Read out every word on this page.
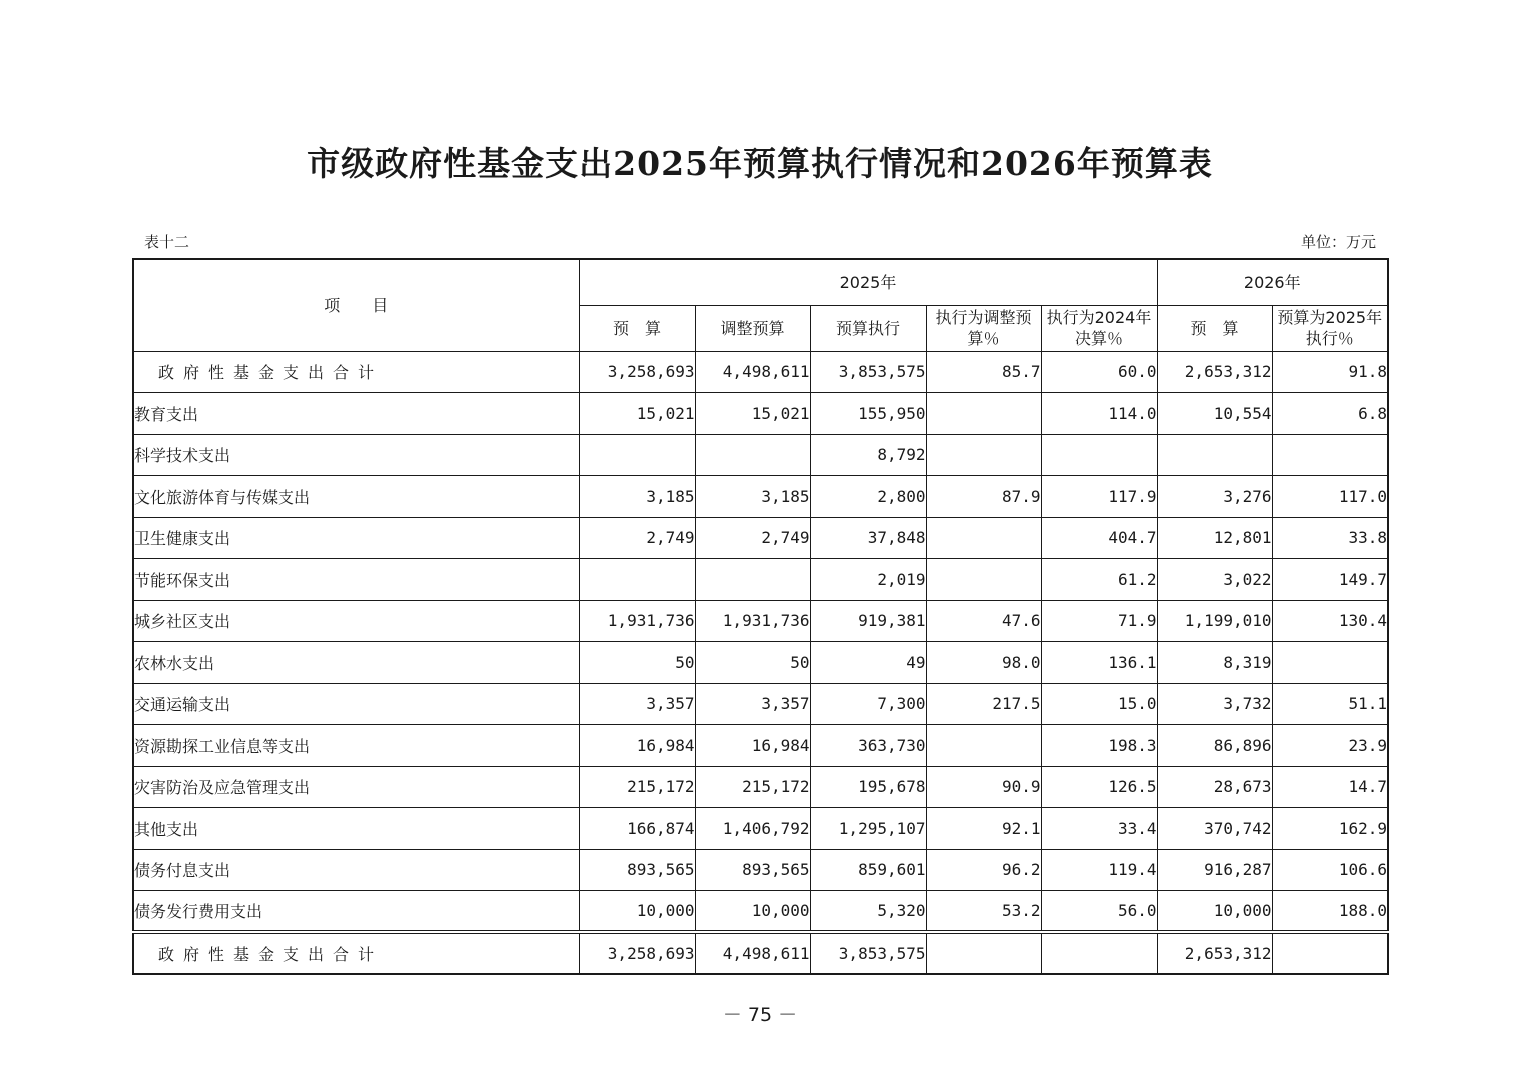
市级政府性基金支出2025年预算执行情况和2026年预算表
表十二	单位：万元
项　　目	2025年					2026年	
	预　算	调整预算	预算执行	执行为调整预算％	执行为2024年决算％	预　算	预算为2025年执行％
政府性基金支出合计	3,258,693	4,498,611	3,853,575	85.7	60.0	2,653,312	91.8
教育支出	15,021	15,021	155,950		114.0	10,554	6.8
科学技术支出			8,792				
文化旅游体育与传媒支出	3,185	3,185	2,800	87.9	117.9	3,276	117.0
卫生健康支出	2,749	2,749	37,848		404.7	12,801	33.8
节能环保支出			2,019		61.2	3,022	149.7
城乡社区支出	1,931,736	1,931,736	919,381	47.6	71.9	1,199,010	130.4
农林水支出	50	50	49	98.0	136.1	8,319	
交通运输支出	3,357	3,357	7,300	217.5	15.0	3,732	51.1
资源勘探工业信息等支出	16,984	16,984	363,730		198.3	86,896	23.9
灾害防治及应急管理支出	215,172	215,172	195,678	90.9	126.5	28,673	14.7
其他支出	166,874	1,406,792	1,295,107	92.1	33.4	370,742	162.9
债务付息支出	893,565	893,565	859,601	96.2	119.4	916,287	106.6
债务发行费用支出	10,000	10,000	5,320	53.2	56.0	10,000	188.0
政府性基金支出合计	3,258,693	4,498,611	3,853,575			2,653,312	
－ 75 －
